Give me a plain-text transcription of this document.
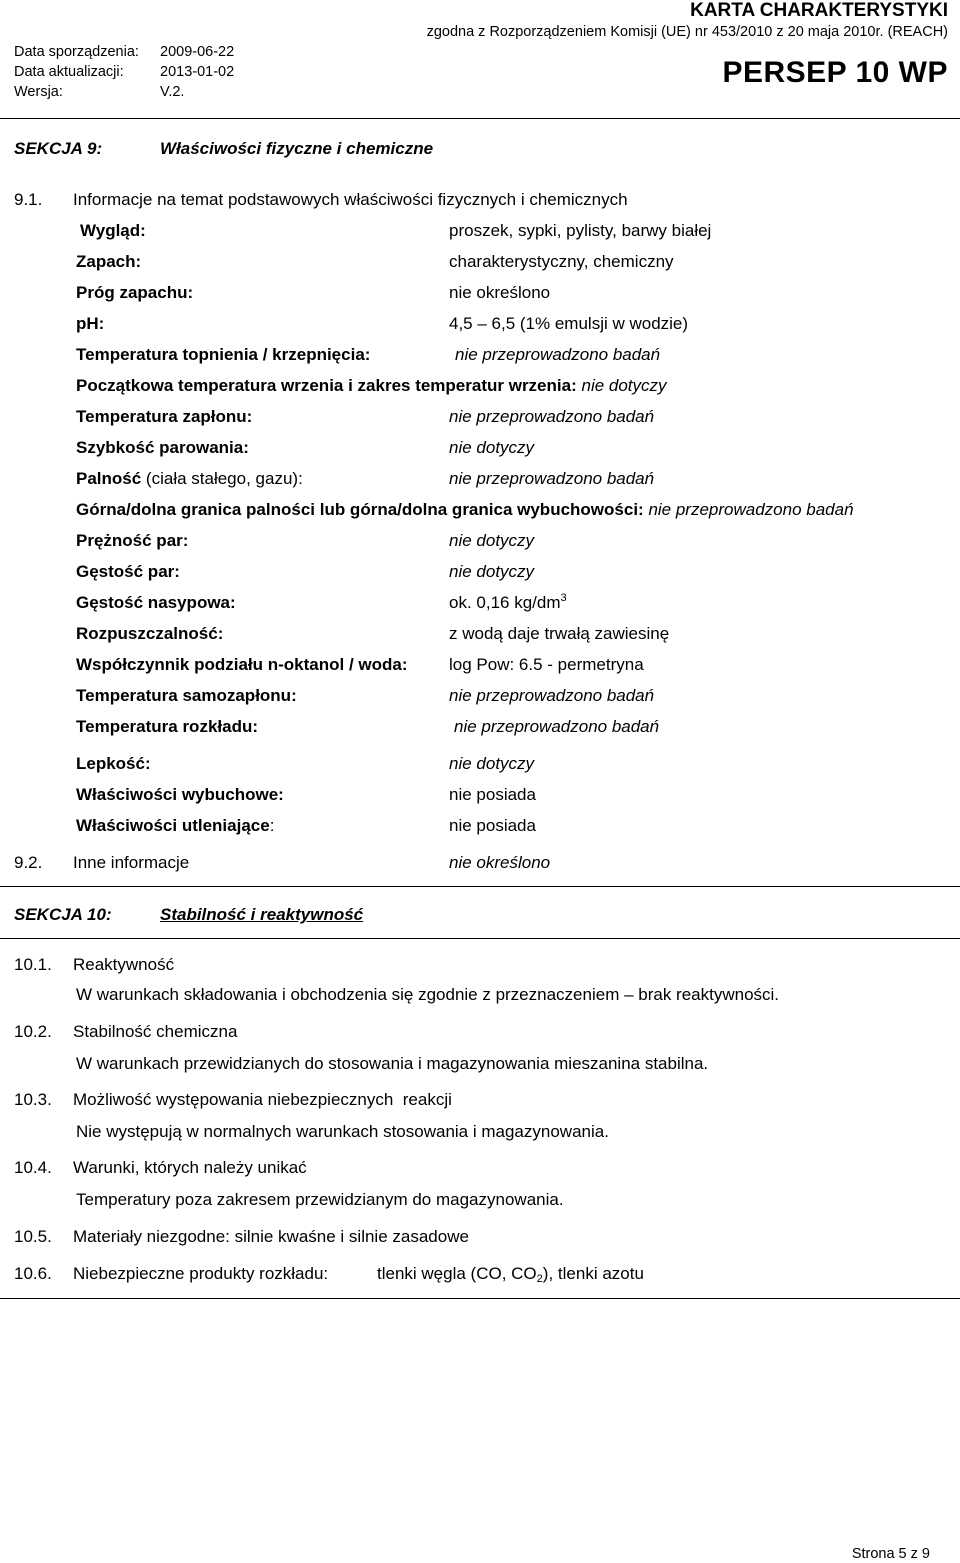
Data sporządzenia: 2009-06-22
Data aktualizacji:	2013-01-02
Wersja:	V.2.
KARTA CHARAKTERYSTYKI
zgodna z Rozporządzeniem Komisji (UE) nr 453/2010 z 20 maja 2010r. (REACH)
PERSEP 10 WP
SEKCJA 9:	Właściwości fizyczne i chemiczne
9.1. Informacje na temat podstawowych właściwości fizycznych i chemicznych
Wygląd:	proszek, sypki, pylisty, barwy białej
Zapach:	charakterystyczny, chemiczny
Próg zapachu:	nie określono
pH:	4,5 – 6,5 (1% emulsji w wodzie)
Temperatura topnienia / krzepnięcia:	nie przeprowadzono badań
Początkowa temperatura wrzenia i zakres temperatur wrzenia: nie dotyczy
Temperatura zapłonu:	nie przeprowadzono badań
Szybkość parowania:	nie dotyczy
Palność (ciała stałego, gazu):	nie przeprowadzono badań
Górna/dolna granica palności lub górna/dolna granica wybuchowości: nie przeprowadzono badań
Prężność par:	nie dotyczy
Gęstość par:	nie dotyczy
Gęstość nasypowa:	ok. 0,16 $kg/dm^3$
Rozpuszczalność:	z wodą daje trwałą zawiesinę
Współczynnik podziału n-oktanol / woda: log Pow: 6.5 - permetryna
Temperatura samozapłonu:	nie przeprowadzono badań
Temperatura rozkładu:	nie przeprowadzono badań
Lepkość:	nie dotyczy
Właściwości wybuchowe:	nie posiada
Właściwości utleniające:	nie posiada
9.2. Inne informacje	nie określono
SEKCJA 10:	Stabilność i reaktywność
10.1. Reaktywność
W warunkach składowania i obchodzenia się zgodnie z przeznaczeniem – brak reaktywności.
10.2. Stabilność chemiczna
W warunkach przewidzianych do stosowania i magazynowania mieszanina stabilna.
10.3. Możliwość występowania niebezpiecznych  reakcji
Nie występują w normalnych warunkach stosowania i magazynowania.
10.4. Warunki, których należy unikać
Temperatury poza zakresem przewidzianym do magazynowania.
10.5. Materiały niezgodne: silnie kwaśne i silnie zasadowe
10.6. Niebezpieczne produkty rozkładu:	tlenki węgla (CO, $CO_2$), tlenki azotu
Strona 5 z 9
